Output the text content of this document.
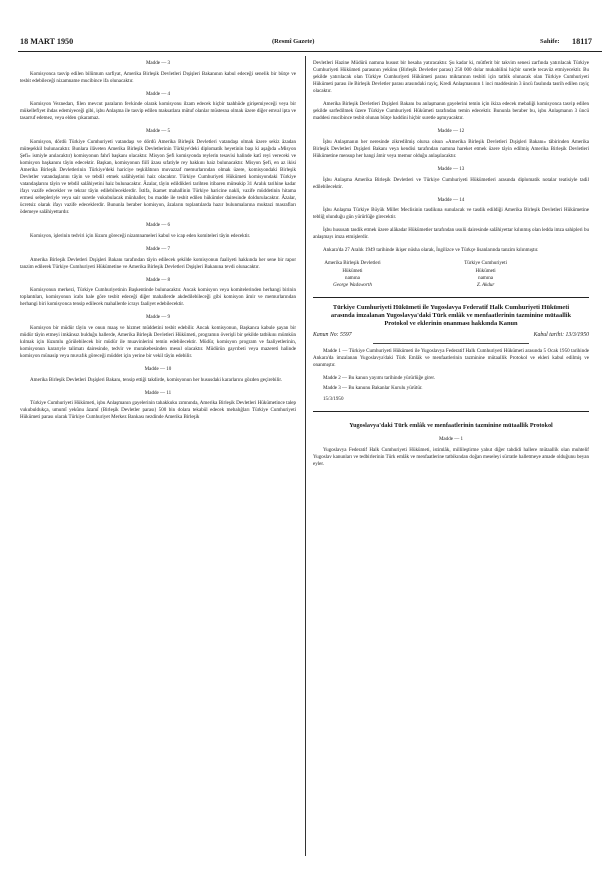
18 MART 1950	(Resmî Gazete)	Sahife: 18117
Madde — 3

Komisyonca tasvip edilen bilûmum sarfiyat, Amerika Birleşik Devletleri Dışişleri Bakanının kabul edeceği senelik bir bütçe ve tesbit edebileceği nizamname mucibince ifa olunacaktır.

Madde — 4

Komisyon Veznedarı, filen mevcut paraların fevkinde olarak komisyonu ilzam edecek hiçbir taahhüde girişemiyeceği veya bir mükellefiyet ihdas edemiyeceği gibi, işbu Anlaşma ile tasvip edilen maksatlara mütuf olanlar müstesna olmak üzere diğer emval ipta ve tasarruf edemez, veya elden çıkaramaz.

Madde — 5

Komisyon, dördü Türkiye Cumhuriyeti vatandaşı ve dördü Amerika Birleşik Devletleri vatandaşı olmak üzere sekiz âzadan müteşekkil bulunacaktır. Bunlara ilâveten Amerika Birleşik Devletlerinin Türkiye'deki diplomatik heyetinin başı ki aşağıda «Misyon Şefi» ismiyle anılacaktır) komisyonun fahrî başkanı olacaktır. Misyon Şefi komisyonda reylerin tesavisi halinde katî reyi vereceki ve komisyon başkanını tâyin edecektir. Başkan, komisyonun fiilî âzası sıfatiyle rey hakkını haiz bulunacaktır. Misyon Şefi, en az ikisi Amerika Birleşik Devletlerinin Türkiye'deki hariciye teşkilâtının muvazzaf memurlarından olmak üzere, komisyondaki Birleşik Devletler vatandaşlarını tâyin ve tebdil etmek salâhiyetini haiz olacaktır. Türkiye Cumhuriyeti Hükümeti komisyondaki Türkiye vatandaşlarını tâyin ve tebdil salâhiyetini haiz bulunacaktır. Âzalar, tâyin edildikleri tarihten itibaren müteakip 31 Aralık tarihine kadar ifayı vazife edecekler ve tekrar tâyin edilebileceklerdir. İstifa, ikamet mahallinin Türkiye haricine nakli, vazife müddetinin hitama ermesi sebepleriyle veya sair suretle vukubulacak münhaller, bu madde ile tesbit edilen hükümler dairesinde doldurulacaktır. Âzalar, ücretsiz olarak ifayı vazife edeceklerdir. Bununla beraber komisyon, âzaların toplantılarda hazır bulunmalarına muktazi masrafları ödemeye salâhiyettardır.

Madde — 6

Komisyon, işlerinin tedviri için lüzum göreceği nizamnameleri kabul ve icap eden komiteleri tâyin edecektir.

Madde — 7

Amerika Birleşik Devletleri Dışişleri Bakanı tarafından tâyin edilecek şekilde komisyonun faaliyeti hakkında her sene bir rapor tanzim edilerek Türkiye Cumhuriyeti Hükümetine ve Amerika Birleşik Devletleri Dışişleri Bakanına tevdi olunacaktır.

Madde — 8

Komisyonun merkezi, Türkiye Cumhuriyetinin Başkentinde bulunacaktır. Ancak komisyon veya komitelerinden herhangi birinin toplantıları, komisyonun icabı hale göre tesbit edeceği diğer mahallerde akdedilebileceği gibi komisyon âmir ve memurlarından herhangi biri komisyonca tensip edilecek mahallerde icrayı faaliyet edebilecektir.

Madde — 9

Komisyon bir müdür tâyin ve onun maaş ve hizmet müddetini tesbit edebilir. Ancak komisyonun, Başkanca kabule şayan bir müdür tâyin etmeyi imkânsız bulduğu hallerde, Amerika Birleşik Devletleri Hükümeti, programın överişli bir şekilde tatbikını mümkün kılmak için lüzumlu görülebilecek bir müdür ile muavinlerini temin edebilecektir. Müdür, komisyon program ve faaliyetlerinin, komisyonun kararıyle talimatı dairesinde, tedvir ve murakebesinden mesul olacaktır. Müdürün gayrıbeti veya mazereti halinde komisyon münasip veya muvafık göreceği müddet için yerine bir vekil tâyin edebilir.

Madde — 10

Amerika Birleşik Devletleri Dışişleri Bakanı, tensip ettiği takdirde, komisyonun her hususdaki kararlarını gözden geçirebilir.

Madde — 11

Türkiye Cumhuriyeti Hükümeti, işbu Anlaşmanın gayelerinin tahakkuku zımnında, Amerika Birleşik Devletleri Hükümetince talep vukubuldukça, umumî yekûnu âzamî (Birleşik Devletler parası) 500 bin dolara tekabül edecek mebalığları Türkiye Cumhuriyeti Hükümeti parası olarak Türkiye Cumhuriyet Merkez Bankası nezdinde Amerika Birleşik

Devletleri Hazine Müdürü namına husust bir hesaba yatıracaktır. Şu kadar ki, mütferit bir takvim senesi zarfında yatırılacak Türkiye Cumhuriyeti Hükümeti parasının yekûnu (Birleşik Devletler parası) 250 000 dolar mukabilini hiçbir suretle tecavüz etmiyecektir. Bu şekilde yatırılacak olan Türkiye Cumhuriyeti Hükümeti parası miktarının tesbiti için tatbik olunacak olan Türkiye Cumhuriyeti Hükümeti parası ile Birleşik Devletler parası arasındaki rayiç, Kredi Anlaşmasının 1 inci maddesinin 3 üncü fasılında tasrih edilen rayiç olacaktır.

Amerika Birleşik Devletleri Dışişleri Bakanı bu anlaşmanın gayelerini temin için ikiza edecek mebaliği komisyonca tasvip edilen şekilde sarfedilmek üzere Türkiye Cumhuriyeti Hükümeti tarafından temin edecektir. Bununla beraber bu, işbu Anlaşmanın 3 üncü maddesi mucibince tesbit olunan bütçe haddini hiçbir suretle aşmıyacaktır.

Madde — 12

İşbu Anlaşmanın her neresinde zikredilmiş olursa olsun «Amerika Birleşik Devletleri Dışişleri Bakanı» tâbirinden Amerika Birleşik Devletleri Dışişleri Bakanı veya kendisi tarafından namına hareket etmek üzere tâyin edilmiş Amerika Birleşik Devletleri Hükümetine mensup her hangi âmir veya memur olduğu anlaşılacaktır.

Madde — 13

İşbu Anlaşma Amerika Birleşik Devletleri ve Türkiye Cumhuriyeti Hükümetleri arasında diplomatik notalar teatisiyle tadil edilebilecektir.

Madde — 14

İşbu Anlaşma Türkiye Büyük Millet Meclisinin tasdikına sunulacak ve tasdik edildiği Amerika Birleşik Devletleri Hükümetine tebliğ olunduğu gün yürürlüğe girecektir.

İşbu hususatı tasdik etmek üzere alâkadar Hükümetler tarafından usulü dairesinde salâhiyettar kılınmış olan ledda imza sahipleri bu anlaşmayı imza etmişlerdir.

Ankara'da 27 Aralık 1949 tarihinde ikişer nüsha olarak, İngilizce ve Türkçe lisanlarında tanzim kılınmıştır.

Amerika Birleşik Devletleri Hükümeti
namına
George Wadsworth
Türkiye Cumhuriyeti Hükümeti
namına
Z. Akdur
Türkiye Cumhuriyeti Hükümeti ile Yugoslavya Federatif Halk Cumhuriyeti Hükümeti arasında imzalanan Yugoslavya'daki Türk emlâk ve menfaatlerinin tazminine mütaallik Protokol ve eklerinin onanması hakkında Kanun
Kanun No: 5597	Kabul tarihi: 13/3/1950

Madde 1 — Türkiye Cumhuriyeti Hükümeti ile Yugoslavya Federatif Halk Cumhuriyeti Hükümeti arasında 5 Ocak 1950 tarihinde Ankara'da imzalanan Yugoslavya'daki Türk Emlâk ve menfaatlerinin tazminine mütaallik Protokol ve ekleri kabul edilmiş ve onanmıştır.

Madde 2 — Bu kanun yayımı tarihinde yürürlüğe girer.

Madde 3 — Bu kanunu Bakanlar Kurulu yürütür.

15/3/1950

Yugoslavya'daki Türk emlâk ve menfaatlerinin tazminine mütaallik Protokol
Madde — 1

Yugoslavya Federatif Halk Cumhuriyeti Hükümeti, istimlâk, millileştirme yahut diğer tahdidi hallere mütaallik olan muhtelif Yugoslav kanunları ve tedbirlerinin Türk emlâk ve menfaatlerine tatbikından doğan meseleyi sürratle halletmeye amade olduğunu beyan eyler.
